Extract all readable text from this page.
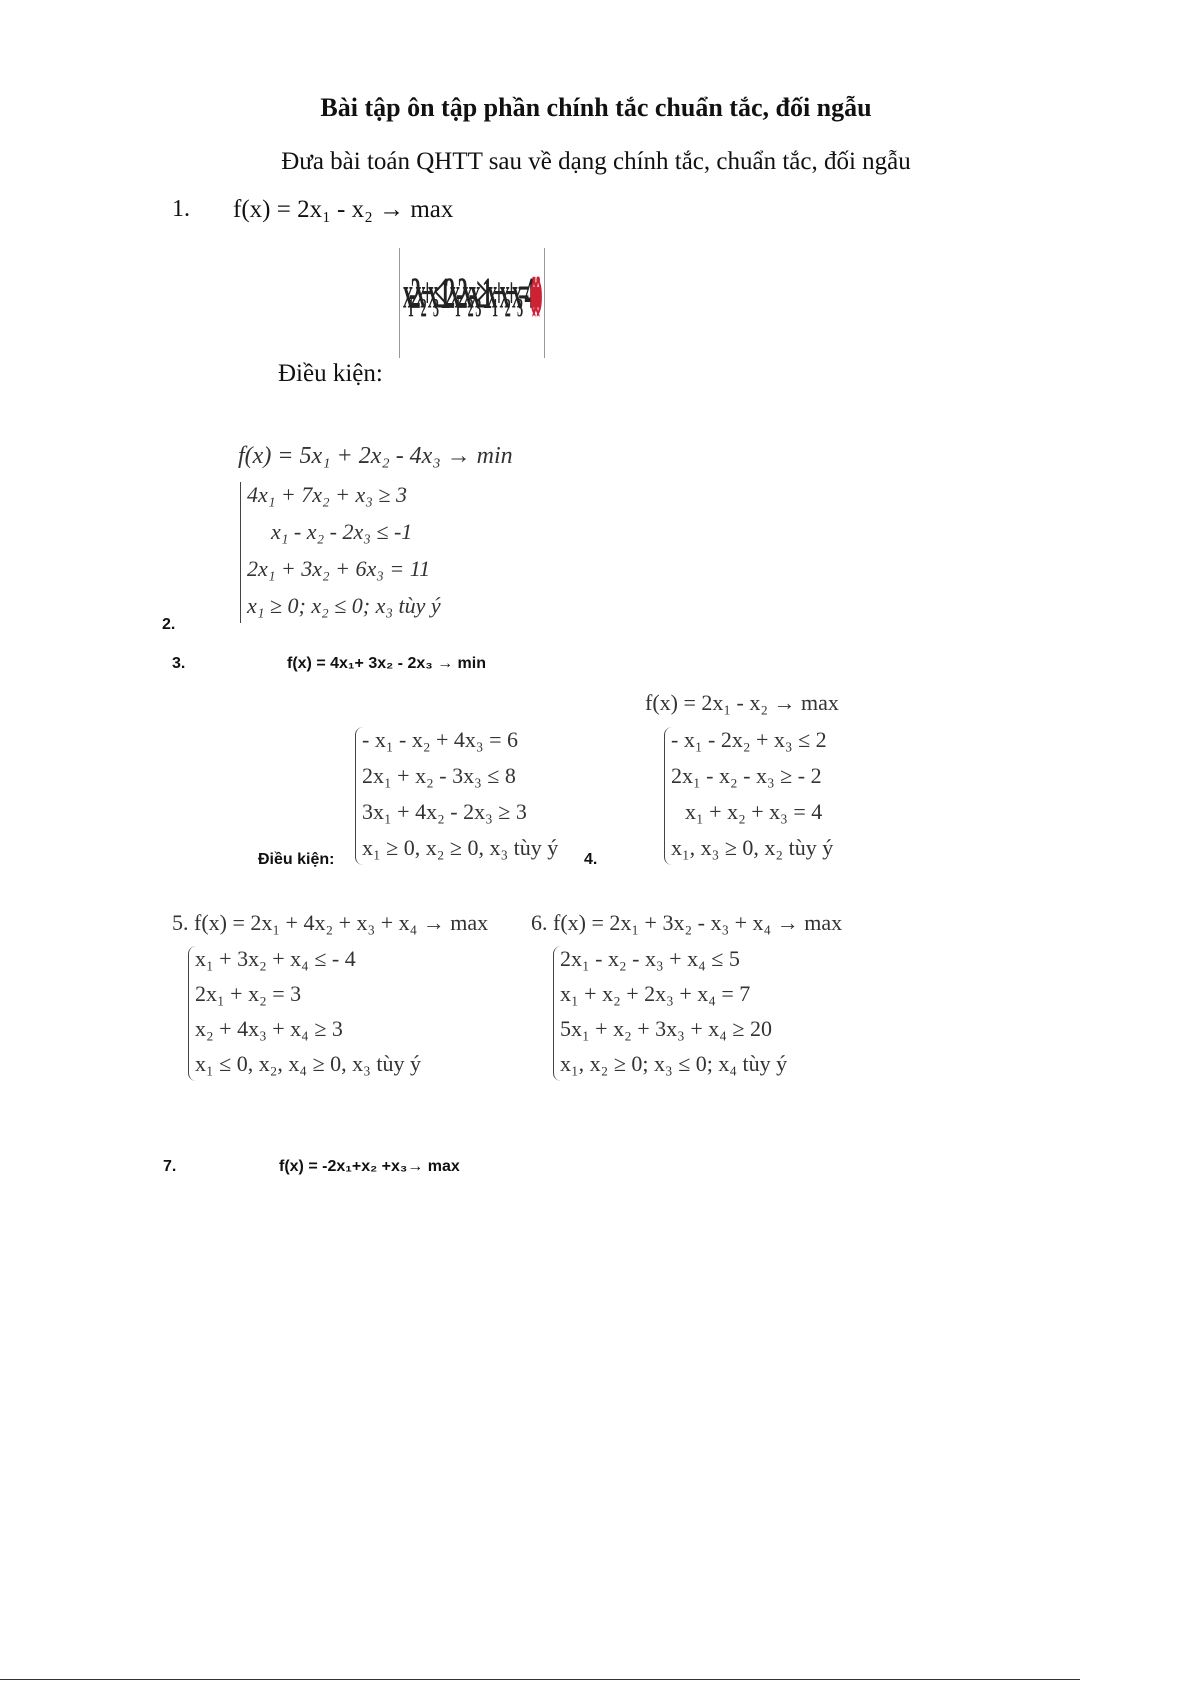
Bài tập ôn tập phần chính tắc chuẩn tắc, đối ngẫu
Đưa bài toán QHTT sau về dạng chính tắc, chuẩn tắc, đối ngẫu
1. f(x) = 2x₁ - x₂ → max
x₁-2x₂+x₃≤1 2x₁-2x₂-x₃≥1 x₁+x₂+x₃=4(i)(ii)
Điều kiện:
f(x) = 5x₁ + 2x₂ - 4x₃ → min
4x₁ + 7x₂ + x₃ ≥ 3
x₁ - x₂ - 2x₃ ≤ -1
2x₁ + 3x₂ + 6x₃ = 11
x₁ ≥ 0; x₂ ≤ 0; x₃ tùy ý
2.
3.	f(x) = 4x₁+ 3x₂ - 2x₃ → min
- x₁ - x₂ + 4x₃ = 6
2x₁ + x₂ - 3x₃ ≤ 8
3x₁ + 4x₂ - 2x₃ ≥ 3
x₁ ≥ 0, x₂ ≥ 0, x₃ tùy ý
Điều kiện:
f(x) = 2x₁ - x₂ → max
- x₁ - 2x₂ + x₃ ≤ 2
2x₁ - x₂ - x₃ ≥ - 2
x₁ + x₂ + x₃ = 4
x₁, x₃ ≥ 0, x₂ tùy ý
4.
5. f(x) = 2x₁ + 4x₂ + x₃ + x₄ → max
x₁ + 3x₂ + x₄ ≤ - 4
2x₁ + x₂ = 3
x₂ + 4x₃ + x₄ ≥ 3
x₁ ≤ 0, x₂, x₄ ≥ 0, x₃ tùy ý
6. f(x) = 2x₁ + 3x₂ - x₃ + x₄ → max
2x₁ - x₂ - x₃ + x₄ ≤ 5
x₁ + x₂ + 2x₃ + x₄ = 7
5x₁ + x₂ + 3x₃ + x₄ ≥ 20
x₁, x₂ ≥ 0; x₃ ≤ 0; x₄ tùy ý
7.	f(x) = -2x₁+x₂ +x₃→ max
